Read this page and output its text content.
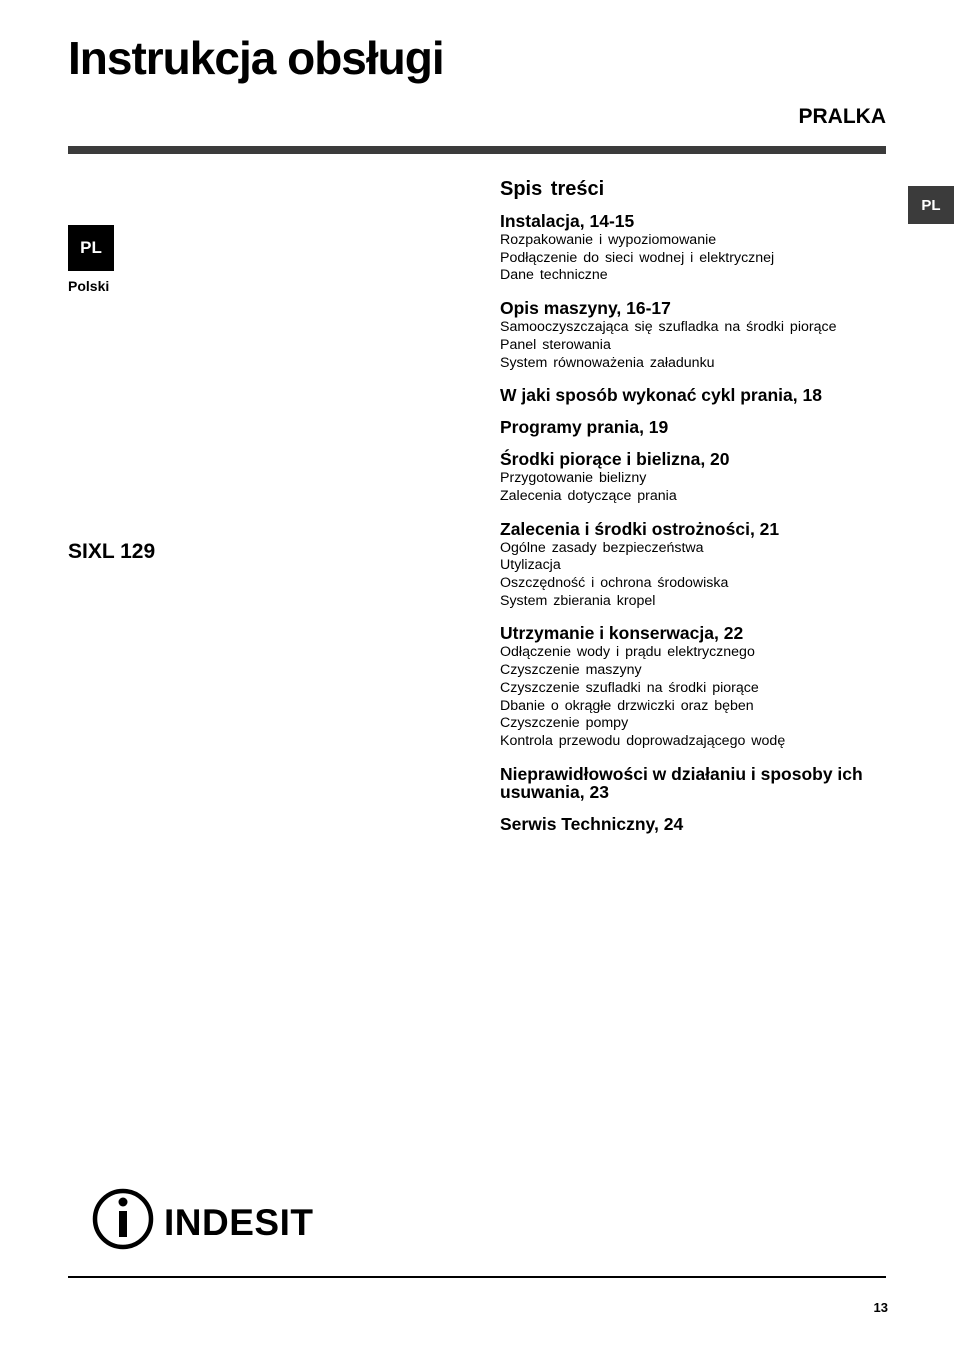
Instrukcja obsługi
PRALKA
PL
PL
Polski
SIXL 129
Spis treści
Instalacja, 14-15
Rozpakowanie i wypoziomowanie
Podłączenie do sieci wodnej i elektrycznej
Dane techniczne
Opis maszyny, 16-17
Samooczyszczająca się szufladka na środki piorące
Panel sterowania
System równoważenia załadunku
W jaki sposób wykonać cykl prania, 18
Programy prania, 19
Środki piorące i bielizna, 20
Przygotowanie bielizny
Zalecenia dotyczące prania
Zalecenia i środki ostrożności, 21
Ogólne zasady bezpieczeństwa
Utylizacja
Oszczędność i ochrona środowiska
System zbierania kropel
Utrzymanie i konserwacja, 22
Odłączenie wody i prądu elektrycznego
Czyszczenie maszyny
Czyszczenie szufladki na środki piorące
Dbanie o okrągłe drzwiczki oraz bęben
Czyszczenie pompy
Kontrola przewodu doprowadzającego wodę
Nieprawidłowości w działaniu i sposoby ich usuwania, 23
Serwis Techniczny, 24
INDESIT
13
